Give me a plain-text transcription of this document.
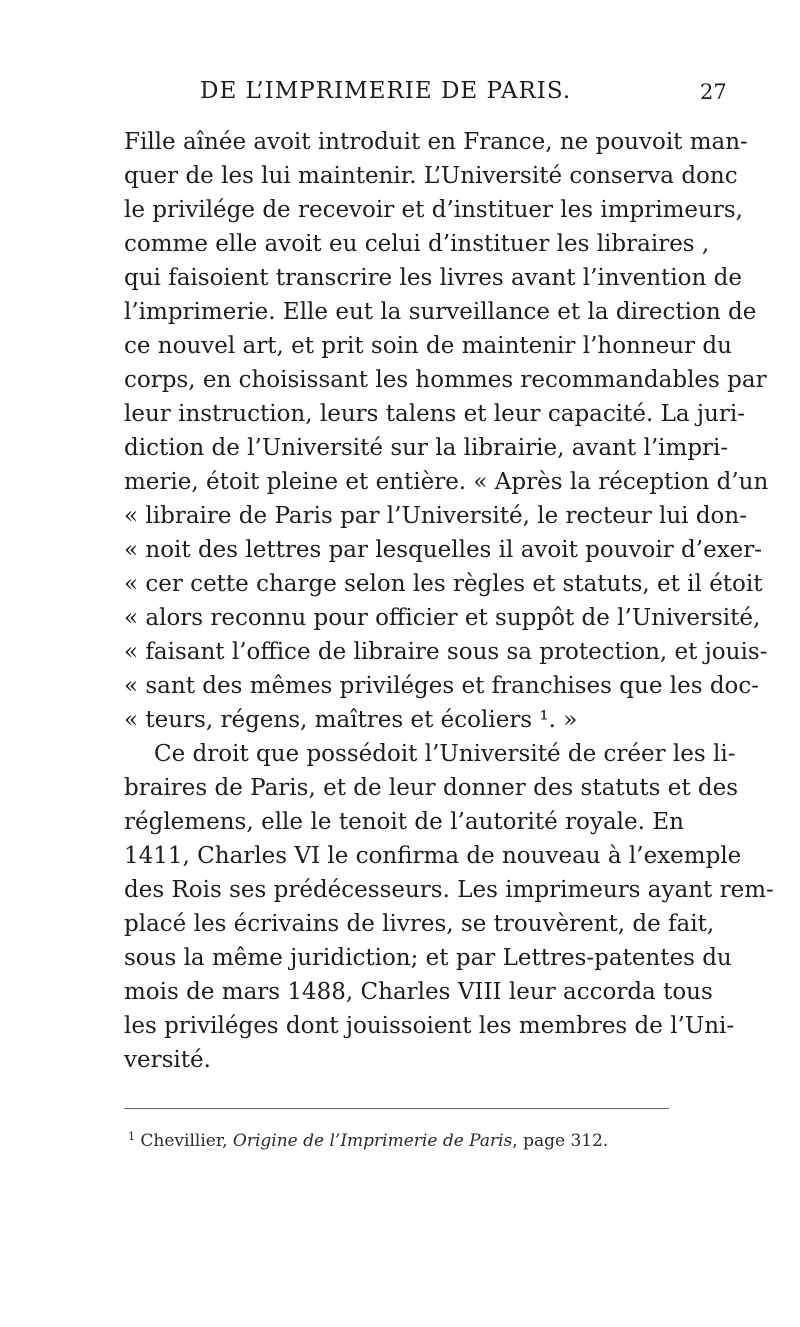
DE L’IMPRIMERIE DE PARIS.	27
Fille aînée avoit introduit en France, ne pouvoit man-
quer de les lui maintenir. L’Université conserva donc
le privilége de recevoir et d’instituer les imprimeurs,
comme elle avoit eu celui d’instituer les libraires ,
qui faisoient transcrire les livres avant l’invention de
l’imprimerie. Elle eut la surveillance et la direction de
ce nouvel art, et prit soin de maintenir l’honneur du
corps, en choisissant les hommes recommandables par
leur instruction, leurs talens et leur capacité. La juri-
diction de l’Université sur la librairie, avant l’impri-
merie, étoit pleine et entière. « Après la réception d’un
« libraire de Paris par l’Université, le recteur lui don-
« noit des lettres par lesquelles il avoit pouvoir d’exer-
« cer cette charge selon les règles et statuts, et il étoit
« alors reconnu pour officier et suppôt de l’Université,
« faisant l’office de libraire sous sa protection, et jouis-
« sant des mêmes priviléges et franchises que les doc-
« teurs, régens, maîtres et écoliers ¹. »
Ce droit que possédoit l’Université de créer les li-
braires de Paris, et de leur donner des statuts et des
réglemens, elle le tenoit de l’autorité royale. En
1411, Charles VI le confirma de nouveau à l’exemple
des Rois ses prédécesseurs. Les imprimeurs ayant rem-
placé les écrivains de livres, se trouvèrent, de fait,
sous la même juridiction; et par Lettres-patentes du
mois de mars 1488, Charles VIII leur accorda tous
les priviléges dont jouissoient les membres de l’Uni-
versité.
$^1$ Chevillier, Origine de l’Imprimerie de Paris, page 312.
